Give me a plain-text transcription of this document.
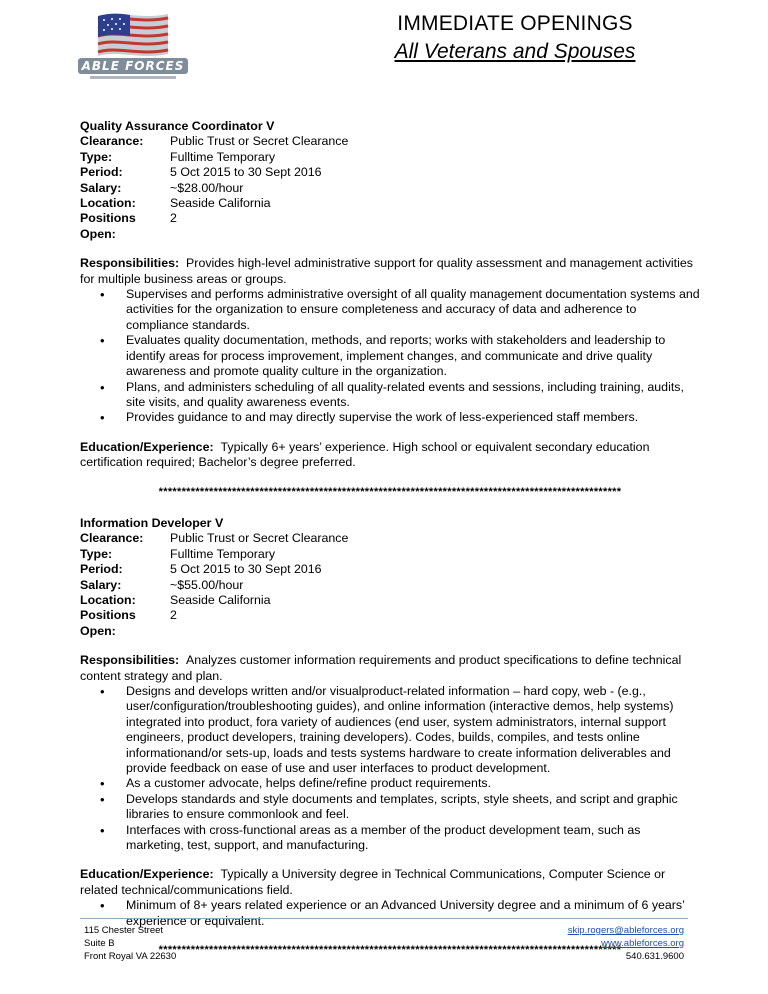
ABLE FORCES
IMMEDIATE OPENINGS
All Veterans and Spouses
Quality Assurance Coordinator V
Clearance:	Public Trust or Secret Clearance
Type:	Fulltime Temporary
Period:	5 Oct 2015 to 30 Sept 2016
Salary:	~$28.00/hour
Location:	Seaside California
Positions Open:
2
Responsibilities: Provides high-level administrative support for quality assessment and management activities for multiple business areas or groups.
• Supervises and performs administrative oversight of all quality management documentation systems and activities for the organization to ensure completeness and accuracy of data and adherence to compliance standards.
• Evaluates quality documentation, methods, and reports; works with stakeholders and leadership to identify areas for process improvement, implement changes, and communicate and drive quality awareness and promote quality culture in the organization.
• Plans, and administers scheduling of all quality-related events and sessions, including training, audits, site visits, and quality awareness events.
• Provides guidance to and may directly supervise the work of less-experienced staff members.
Education/Experience: Typically 6+ years’ experience. High school or equivalent secondary education certification required; Bachelor’s degree preferred.
*****************************************************************************************************
Information Developer V
Clearance:	Public Trust or Secret Clearance
Type:	Fulltime Temporary
Period:	5 Oct 2015 to 30 Sept 2016
Salary:	~$55.00/hour
Location:	Seaside California
Positions Open:
2
Responsibilities: Analyzes customer information requirements and product specifications to define technical content strategy and plan.
• Designs and develops written and/or visualproduct-related information – hard copy, web - (e.g., user/configuration/troubleshooting guides), and online information (interactive demos, help systems) integrated into product, fora variety of audiences (end user, system administrators, internal support engineers, product developers, training developers). Codes, builds, compiles, and tests online informationand/or sets-up, loads and tests systems hardware to create information deliverables and provide feedback on ease of use and user interfaces to product development.
• As a customer advocate, helps define/refine product requirements.
• Develops standards and style documents and templates, scripts, style sheets, and script and graphic libraries to ensure commonlook and feel.
• Interfaces with cross-functional areas as a member of the product development team, such as marketing, test, support, and manufacturing.
Education/Experience: Typically a University degree in Technical Communications, Computer Science or related technical/communications field.
• Minimum of 8+ years related experience or an Advanced University degree and a minimum of 6 years’ experience or equivalent.
*****************************************************************************************************
115 Chester Street
Suite B
Front Royal VA 22630
skip.rogers@ableforces.org
www.ableforces.org
540.631.9600
